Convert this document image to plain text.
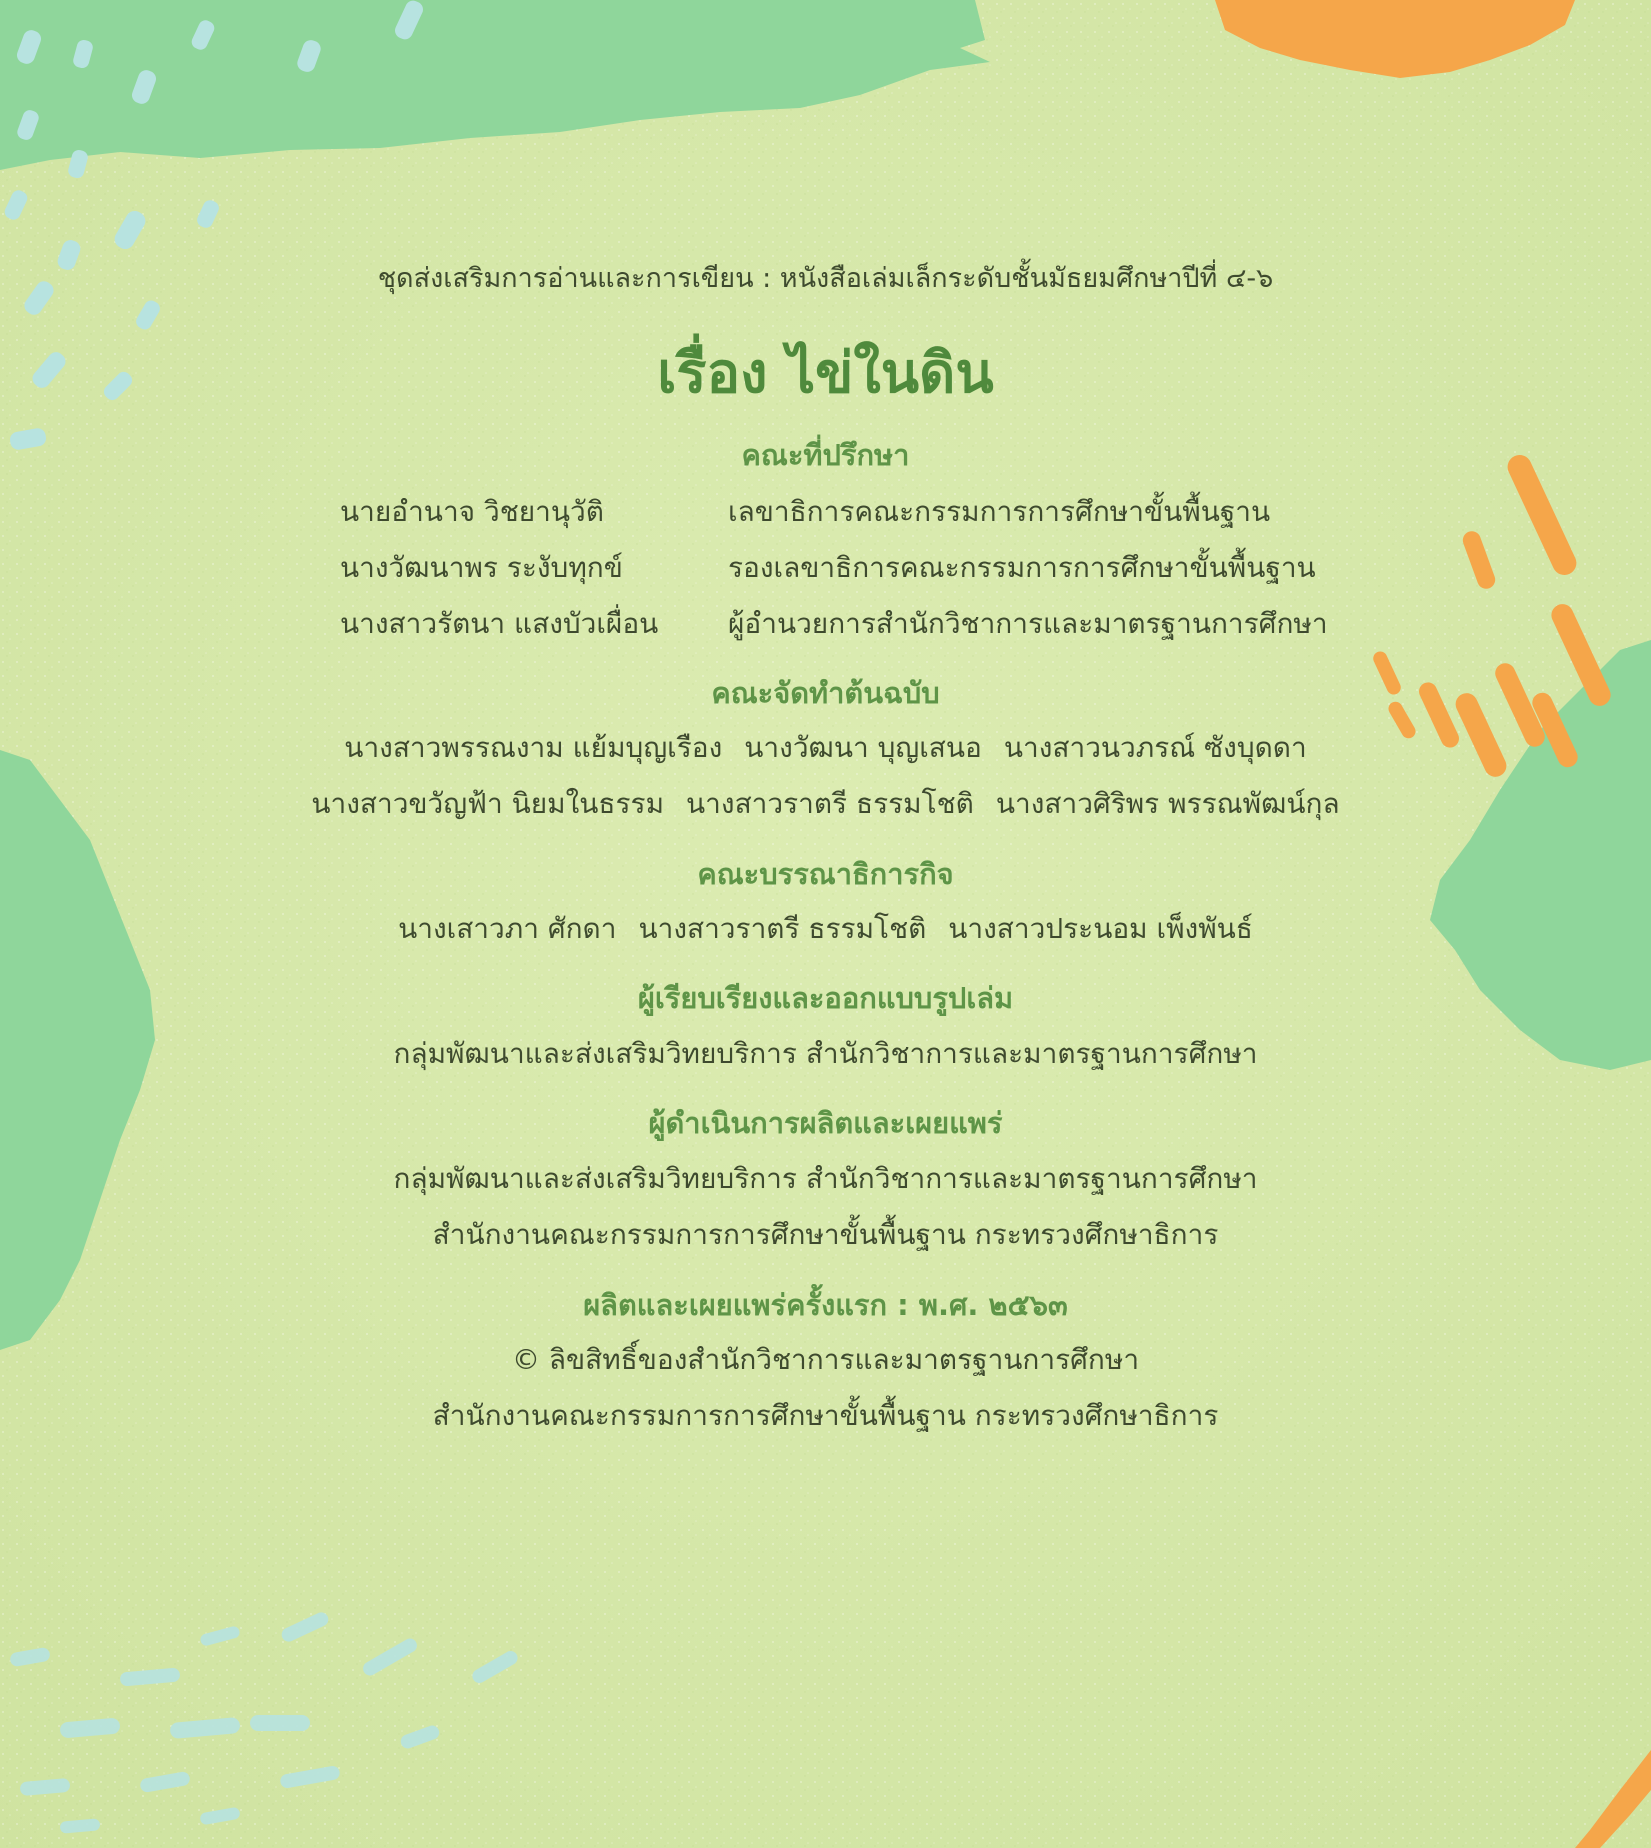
ชุดส่งเสริมการอ่านและการเขียน : หนังสือเล่มเล็กระดับชั้นมัธยมศึกษาปีที่ ๔-๖
เรื่อง ไข่ในดิน
คณะที่ปรึกษา
นายอำนาจ วิชยานุวัติ	เลขาธิการคณะกรรมการการศึกษาขั้นพื้นฐาน
นางวัฒนาพร ระงับทุกข์	รองเลขาธิการคณะกรรมการการศึกษาขั้นพื้นฐาน
นางสาวรัตนา แสงบัวเผื่อน ผู้อำนวยการสำนักวิชาการและมาตรฐานการศึกษา
คณะจัดทำต้นฉบับ
นางสาวพรรณงาม แย้มบุญเรือง นางวัฒนา บุญเสนอ นางสาวนวภรณ์ ซังบุดดา
นางสาวขวัญฟ้า นิยมในธรรม นางสาวราตรี ธรรมโชติ นางสาวศิริพร พรรณพัฒน์กุล
คณะบรรณาธิการกิจ
นางเสาวภา ศักดา นางสาวราตรี ธรรมโชติ นางสาวประนอม เพ็งพันธ์
ผู้เรียบเรียงและออกแบบรูปเล่ม
กลุ่มพัฒนาและส่งเสริมวิทยบริการ สำนักวิชาการและมาตรฐานการศึกษา
ผู้ดำเนินการผลิตและเผยแพร่
กลุ่มพัฒนาและส่งเสริมวิทยบริการ สำนักวิชาการและมาตรฐานการศึกษา
สำนักงานคณะกรรมการการศึกษาขั้นพื้นฐาน กระทรวงศึกษาธิการ
ผลิตและเผยแพร่ครั้งแรก : พ.ศ. ๒๕๖๓
© ลิขสิทธิ์ของสำนักวิชาการและมาตรฐานการศึกษา
สำนักงานคณะกรรมการการศึกษาขั้นพื้นฐาน กระทรวงศึกษาธิการ
